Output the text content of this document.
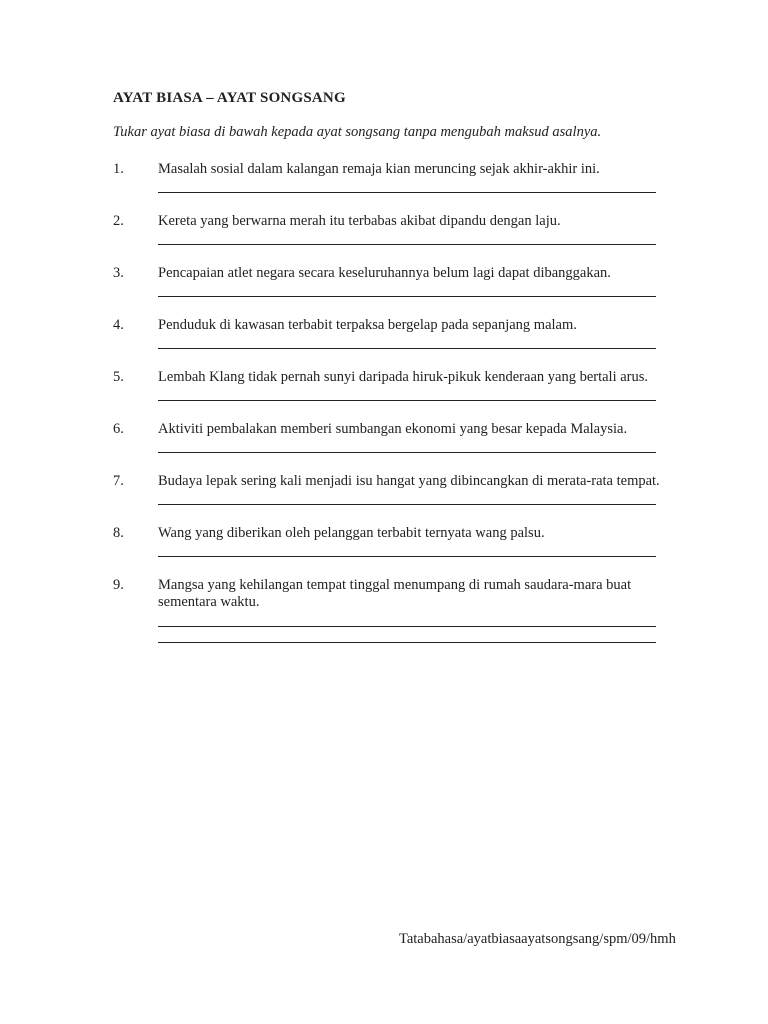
AYAT BIASA – AYAT SONGSANG

Tukar ayat biasa di bawah kepada ayat songsang tanpa mengubah maksud asalnya.

1. Masalah sosial dalam kalangan remaja kian meruncing sejak akhir-akhir ini.
2. Kereta yang berwarna merah itu terbabas akibat dipandu dengan laju.
3. Pencapaian atlet negara secara keseluruhannya belum lagi dapat dibanggakan.
4. Penduduk di kawasan terbabit terpaksa bergelap pada sepanjang malam.
5. Lembah Klang tidak pernah sunyi daripada hiruk-pikuk kenderaan yang bertali arus.
6. Aktiviti pembalakan memberi sumbangan ekonomi yang besar kepada Malaysia.
7. Budaya lepak sering kali menjadi isu hangat yang dibincangkan di merata-rata tempat.
8. Wang yang diberikan oleh pelanggan terbabit ternyata wang palsu.
9. Mangsa yang kehilangan tempat tinggal menumpang di rumah saudara-mara buat sementara waktu.

Tatabahasa/ayatbiasaayatsongsang/spm/09/hmh
